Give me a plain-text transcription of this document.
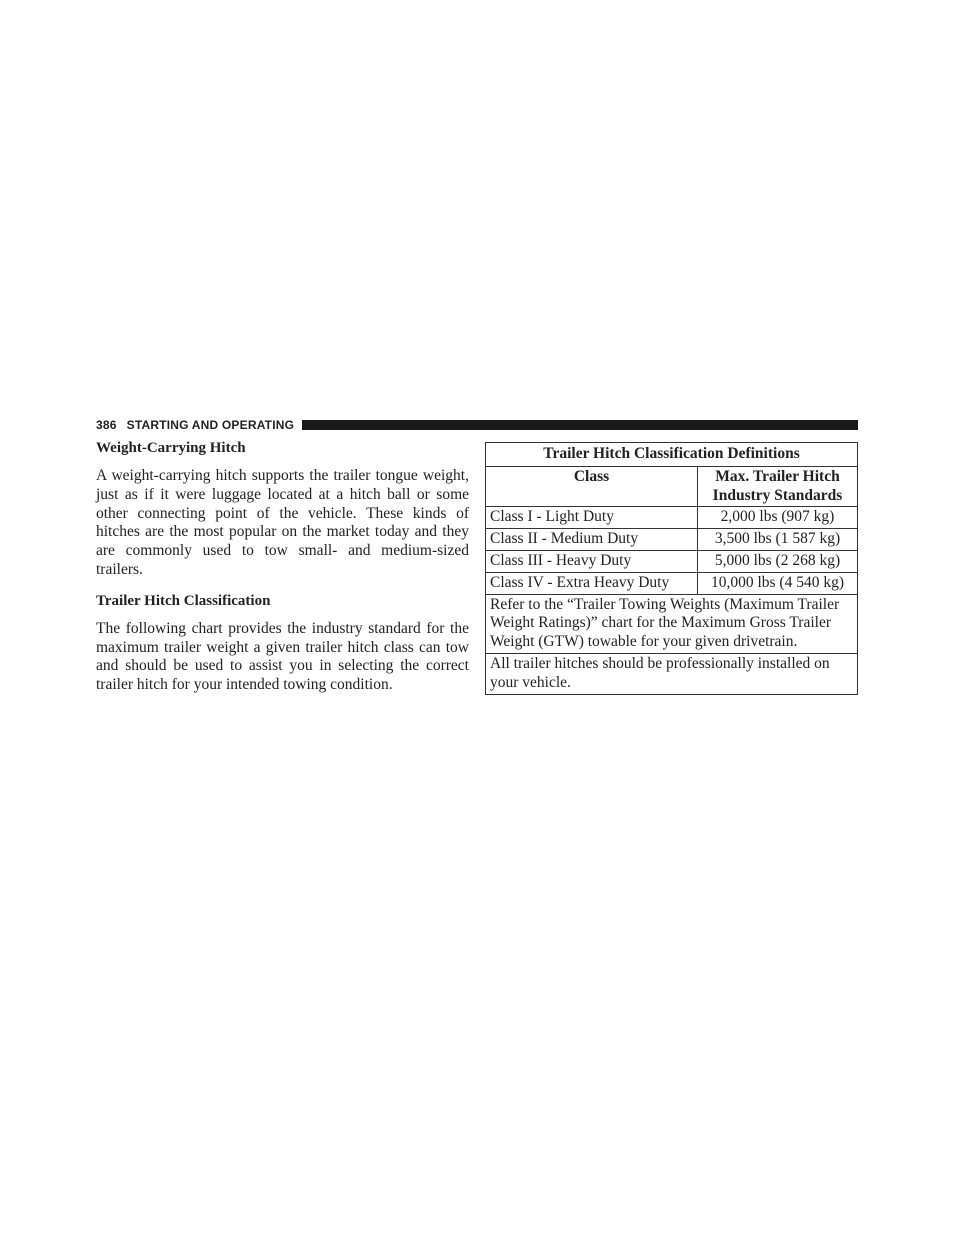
386 STARTING AND OPERATING
Weight-Carrying Hitch

A weight-carrying hitch supports the trailer tongue weight, just as if it were luggage located at a hitch ball or some other connecting point of the vehicle. These kinds of hitches are the most popular on the market today and they are commonly used to tow small- and medium-sized trailers.

Trailer Hitch Classification

The following chart provides the industry standard for the maximum trailer weight a given trailer hitch class can tow and should be used to assist you in selecting the correct trailer hitch for your intended towing condition.

Trailer Hitch Classification Definitions	
Class	Max. Trailer Hitch
Industry Standards

Class I - Light Duty	2,000 lbs (907 kg)
Class II - Medium Duty	3,500 lbs (1 587 kg)
Class III - Heavy Duty	5,000 lbs (2 268 kg)
Class IV - Extra Heavy Duty	10,000 lbs (4 540 kg)
Refer to the “Trailer Towing Weights (Maximum Trailer Weight Ratings)” chart for the Maximum Gross Trailer Weight (GTW) towable for your given drivetrain.	
All trailer hitches should be professionally installed on your vehicle.	
